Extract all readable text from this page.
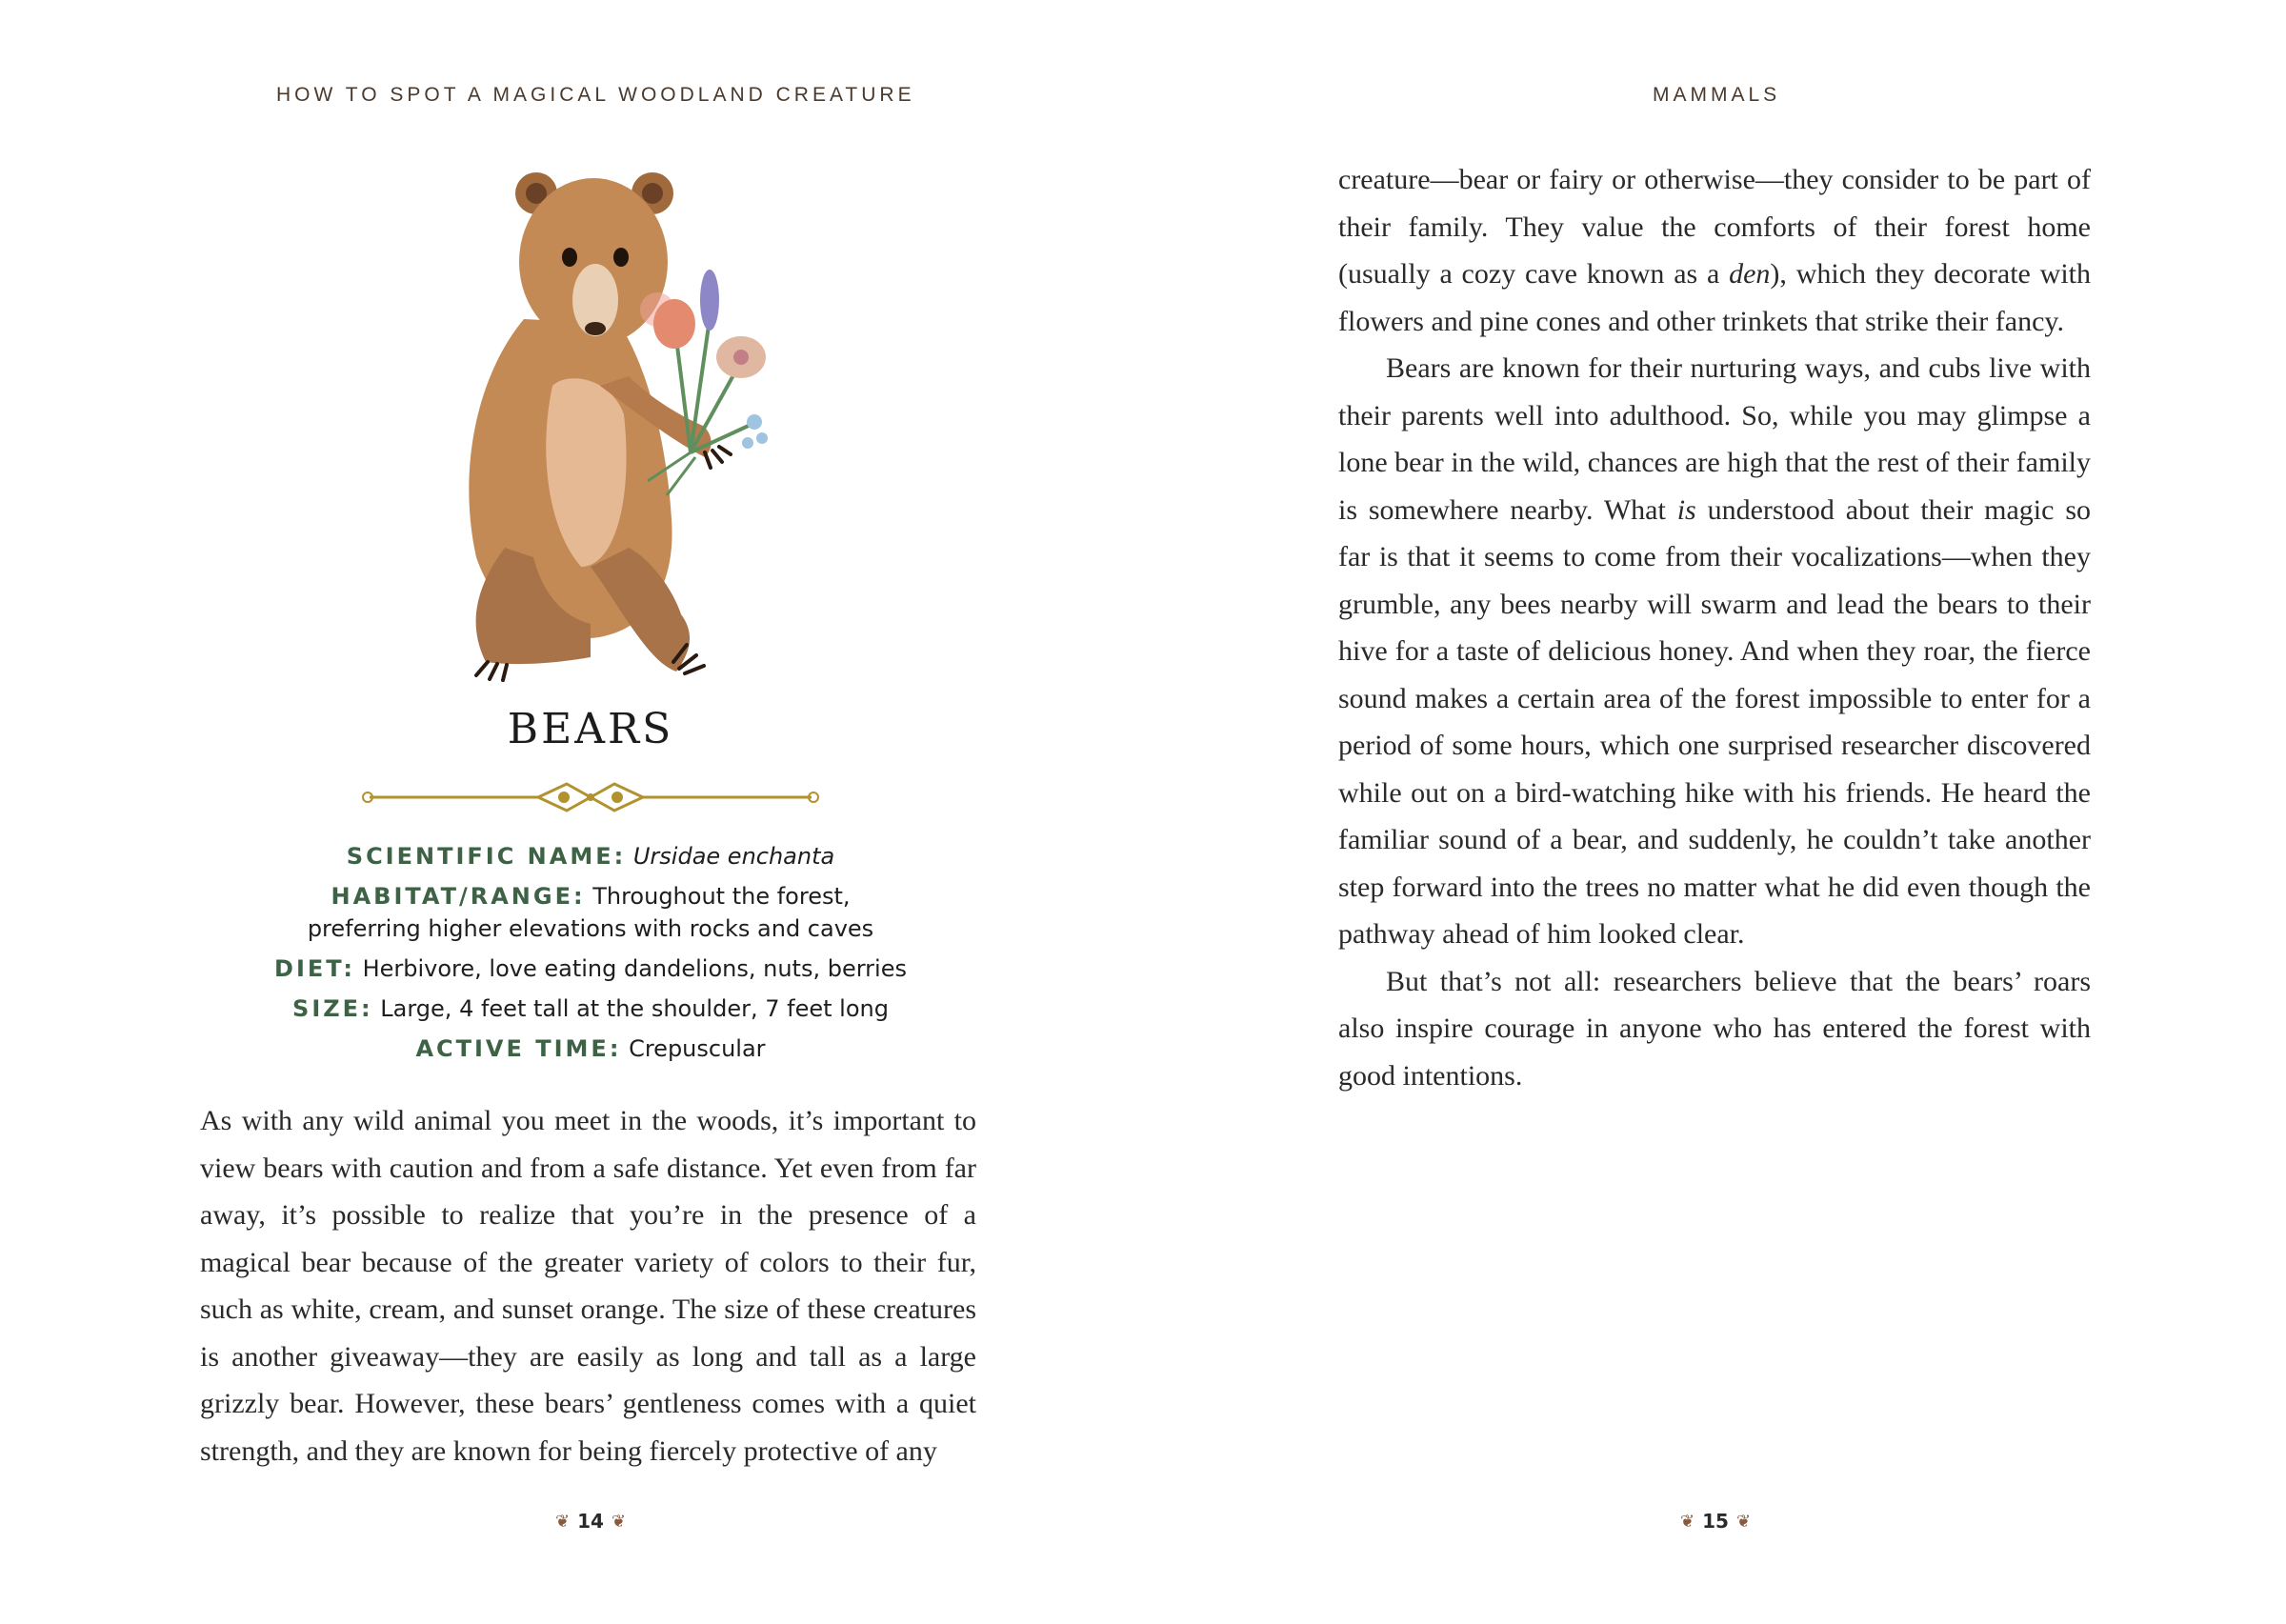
HOW TO SPOT A MAGICAL WOODLAND CREATURE
BEARS
SCIENTIFIC NAME: Ursidae enchanta
HABITAT/RANGE: Throughout the forest,
preferring higher elevations with rocks and caves
DIET: Herbivore, love eating dandelions, nuts, berries
SIZE: Large, 4 feet tall at the shoulder, 7 feet long
ACTIVE TIME: Crepuscular

As with any wild animal you meet in the woods, it’s important to view bears with caution and from a safe distance. Yet even from far away, it’s possible to realize that you’re in the presence of a magical bear because of the greater variety of colors to their fur, such as white, cream, and sunset orange. The size of these creatures is another giveaway—they are easily as long and tall as a large grizzly bear. However, these bears’ gentleness comes with a quiet strength, and they are known for being fiercely protective of any

❦ 14 ❦
MAMMALS

creature—bear or fairy or otherwise—they consider to be part of their family. They value the comforts of their forest home (usually a cozy cave known as a den), which they decorate with flowers and pine cones and other trinkets that strike their fancy.

Bears are known for their nurturing ways, and cubs live with their parents well into adulthood. So, while you may glimpse a lone bear in the wild, chances are high that the rest of their family is somewhere nearby. What is understood about their magic so far is that it seems to come from their vocalizations—when they grumble, any bees nearby will swarm and lead the bears to their hive for a taste of delicious honey. And when they roar, the fierce sound makes a certain area of the forest impossible to enter for a period of some hours, which one surprised researcher discovered while out on a bird-watching hike with his friends. He heard the familiar sound of a bear, and suddenly, he couldn’t take another step forward into the trees no matter what he did even though the pathway ahead of him looked clear.

But that’s not all: researchers believe that the bears’ roars also inspire courage in anyone who has entered the forest with good intentions.

❦ 15 ❦
